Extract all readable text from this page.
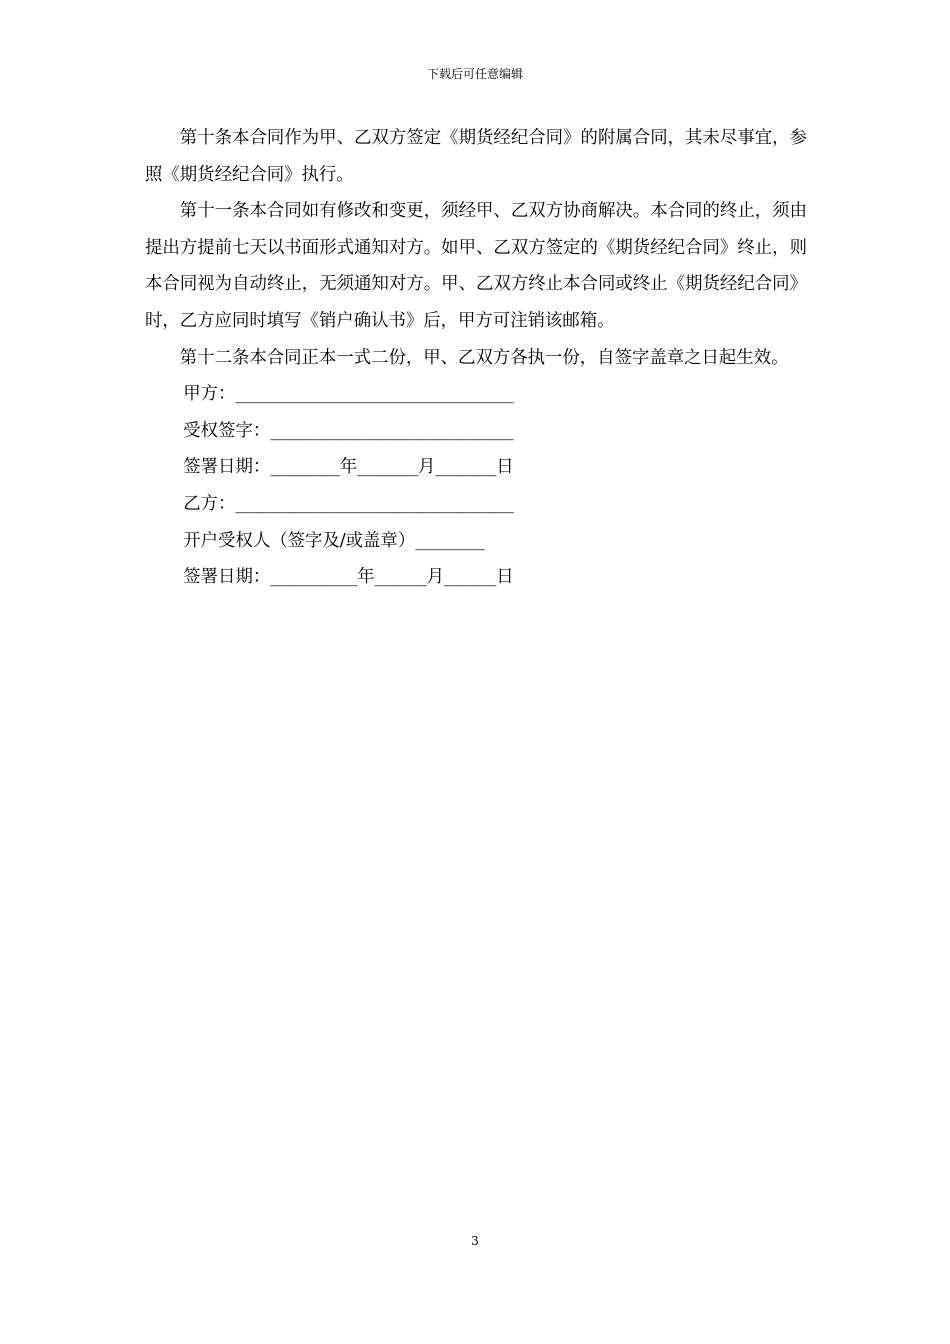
下载后可任意编辑

第十条本合同作为甲、乙双方签定《期货经纪合同》的附属合同，其未尽事宜，参照《期货经纪合同》执行。

第十一条本合同如有修改和变更，须经甲、乙双方协商解决。本合同的终止，须由提出方提前七天以书面形式通知对方。如甲、乙双方签定的《期货经纪合同》终止，则本合同视为自动终止，无须通知对方。甲、乙双方终止本合同或终止《期货经纪合同》时，乙方应同时填写《销户确认书》后，甲方可注销该邮箱。

第十二条本合同正本一式二份，甲、乙双方各执一份，自签字盖章之日起生效。

甲方：________________________________

受权签字：____________________________

签署日期：________年_______月_______日

乙方：________________________________

开户受权人（签字及/或盖章）________

签署日期：__________年______月______日

3
